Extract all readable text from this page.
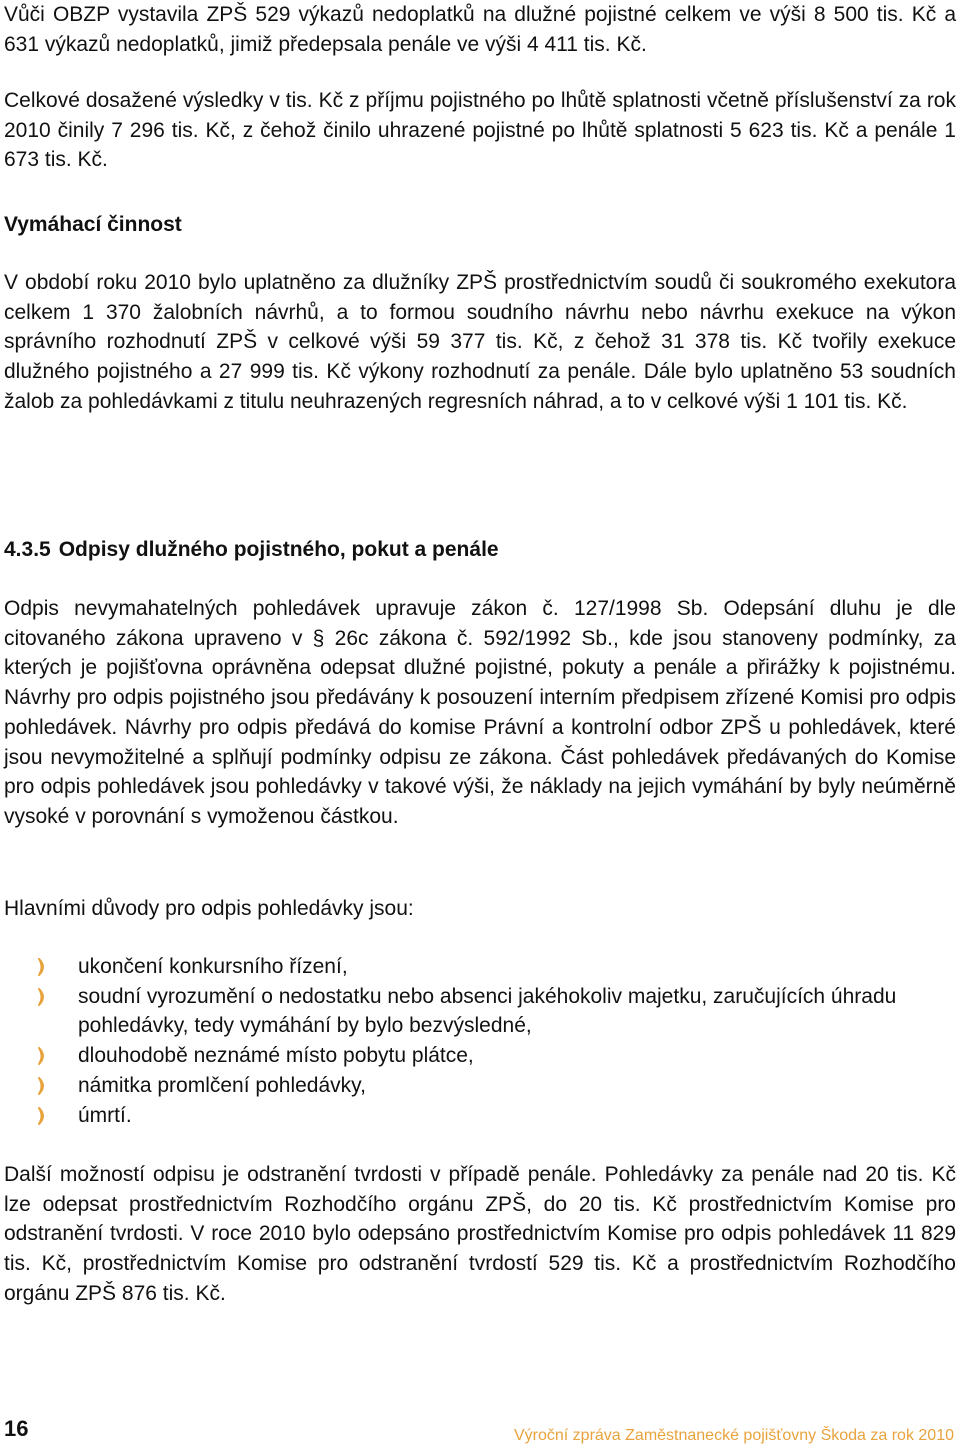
Vůči OBZP vystavila ZPŠ 529 výkazů nedoplatků na dlužné pojistné celkem ve výši 8 500 tis. Kč a 631 výkazů nedoplatků, jimiž předepsala penále ve výši 4 411 tis. Kč.

Celkové dosažené výsledky v tis. Kč z příjmu pojistného po lhůtě splatnosti včetně příslušenství za rok 2010 činily 7 296 tis. Kč, z čehož činilo uhrazené pojistné po lhůtě splatnosti 5 623 tis. Kč a penále 1 673 tis. Kč.

Vymáhací činnost

V období roku 2010 bylo uplatněno za dlužníky ZPŠ prostřednictvím soudů či soukromého exekutora celkem 1 370 žalobních návrhů, a to formou soudního návrhu nebo návrhu exekuce na výkon správního rozhodnutí ZPŠ v celkové výši 59 377 tis. Kč, z čehož 31 378 tis. Kč tvořily exekuce dlužného pojistného a 27 999 tis. Kč výkony rozhodnutí za penále. Dále bylo uplatněno 53 soudních žalob za pohledávkami z titulu neuhrazených regresních náhrad, a to v celkové výši 1 101 tis. Kč.

4.3.5 Odpisy dlužného pojistného, pokut a penále

Odpis nevymahatelných pohledávek upravuje zákon č. 127/1998 Sb. Odepsání dluhu je dle citovaného zákona upraveno v § 26c zákona č. 592/1992 Sb., kde jsou stanoveny podmínky, za kterých je pojišťovna oprávněna odepsat dlužné pojistné, pokuty a penále a přirážky k pojistnému. Návrhy pro odpis pojistného jsou předávány k posouzení interním předpisem zřízené Komisi pro odpis pohledávek. Návrhy pro odpis předává do komise Právní a kontrolní odbor ZPŠ u pohledávek, které jsou nevymožitelné a splňují podmínky odpisu ze zákona. Část pohledávek předávaných do Komise pro odpis pohledávek jsou pohledávky v takové výši, že náklady na jejich vymáhání by byly neúměrně vysoké v porovnání s vymoženou částkou.

Hlavními důvody pro odpis pohledávky jsou:

ukončení konkursního řízení,
soudní vyrozumění o nedostatku nebo absenci jakéhokoliv majetku, zaručujících úhradu pohledávky, tedy vymáhání by bylo bezvýsledné,
dlouhodobě neznámé místo pobytu plátce,
námitka promlčení pohledávky,
úmrtí.

Další možností odpisu je odstranění tvrdosti v případě penále. Pohledávky za penále nad 20 tis. Kč lze odepsat prostřednictvím Rozhodčího orgánu ZPŠ, do 20 tis. Kč prostřednictvím Komise pro odstranění tvrdosti. V roce 2010 bylo odepsáno prostřednictvím Komise pro odpis pohledávek 11 829 tis. Kč, prostřednictvím Komise pro odstranění tvrdostí 529 tis. Kč a prostřednictvím Rozhodčího orgánu ZPŠ 876 tis. Kč.

16	Výroční zpráva Zaměstnanecké pojišťovny Škoda za rok 2010
